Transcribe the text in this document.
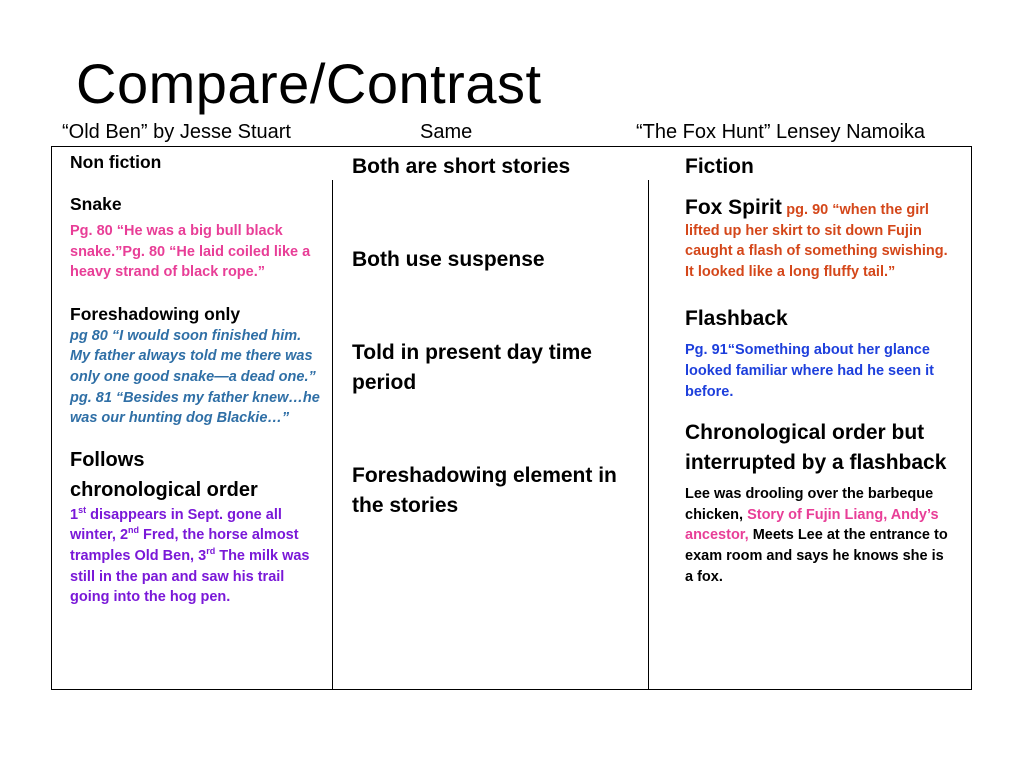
Compare/Contrast
“Old Ben” by Jesse Stuart	Same	“The Fox Hunt” Lensey Namoika

Non fiction

Snake

Pg. 80 “He was a big bull black snake.”Pg. 80 “He laid coiled like a heavy strand of black rope.”

Foreshadowing only

pg 80 “I would soon finished him. My father always told me there was only one good snake—a dead one.” pg. 81 “Besides my father knew…he was our hunting dog Blackie…”

Follows

chronological order

1st disappears in Sept. gone all winter, 2nd Fred, the horse almost tramples Old Ben, 3rd The milk was still in the pan and saw his trail going into the hog pen.

Both are short stories

Both use suspense

Told in present day time period

Foreshadowing element in the stories

Fiction

Fox Spirit pg. 90 “when the girl lifted up her skirt to sit down Fujin caught a flash of something swishing. It looked like a long fluffy tail.”

Flashback

Pg. 91“Something about her glance looked familiar where had he seen it before.

Chronological order but interrupted by a flashback

Lee was drooling over the barbeque chicken, Story of Fujin Liang, Andy’s ancestor, Meets Lee at the entrance to exam room and says he knows she is a fox.
